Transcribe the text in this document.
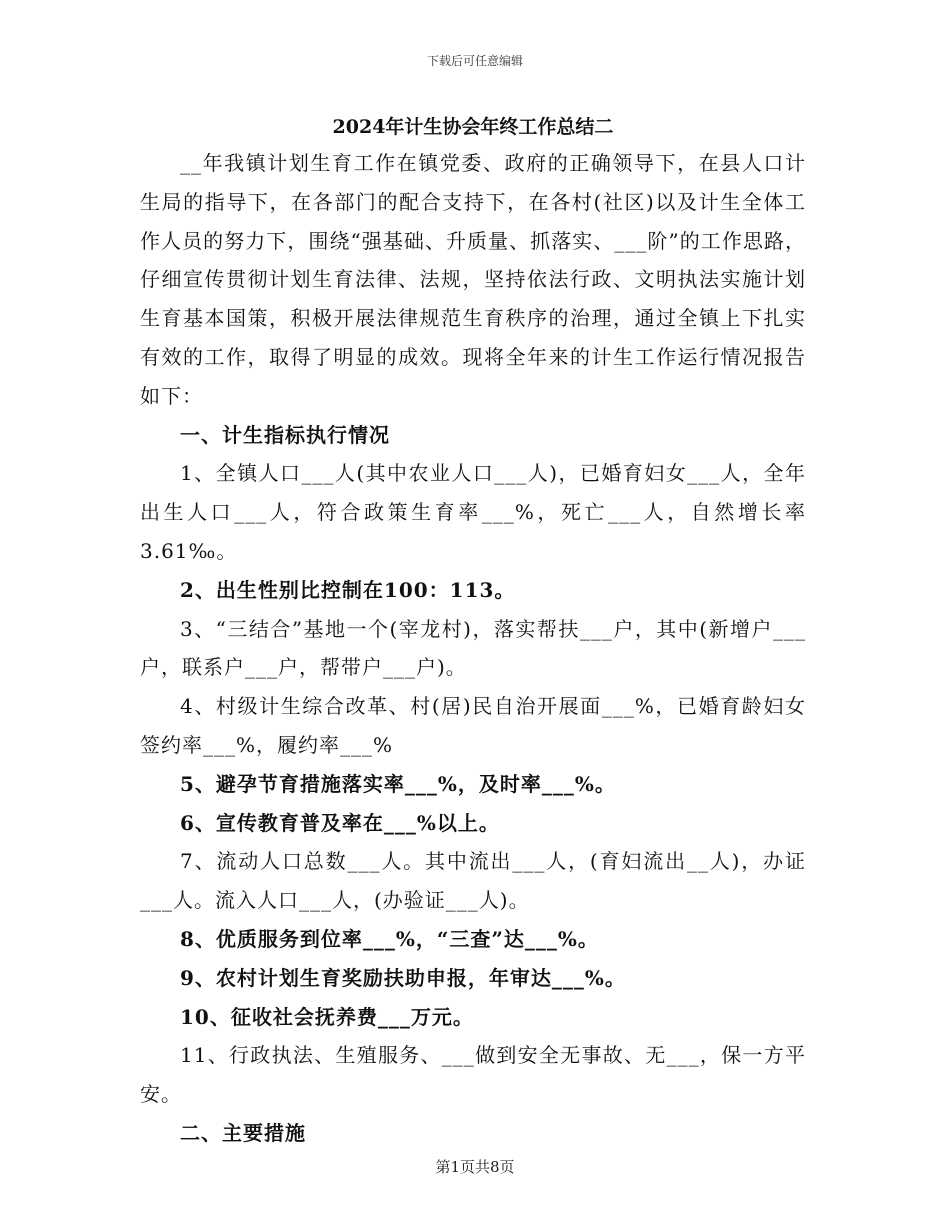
下载后可任意编辑

2024年计生协会年终工作总结二

__年我镇计划生育工作在镇党委、政府的正确领导下，在县人口计生局的指导下，在各部门的配合支持下，在各村(社区)以及计生全体工作人员的努力下，围绕“强基础、升质量、抓落实、___阶”的工作思路，仔细宣传贯彻计划生育法律、法规，坚持依法行政、文明执法实施计划生育基本国策，积极开展法律规范生育秩序的治理，通过全镇上下扎实有效的工作，取得了明显的成效。现将全年来的计生工作运行情况报告如下：

一、计生指标执行情况

1、全镇人口___人(其中农业人口___人)，已婚育妇女___人，全年出生人口___人，符合政策生育率___%，死亡___人，自然增长率3.61‰。

2、出生性别比控制在100：113。

3、“三结合”基地一个(宰龙村)，落实帮扶___户，其中(新增户___户，联系户___户，帮带户___户)。

4、村级计生综合改革、村(居)民自治开展面___%，已婚育龄妇女签约率___%，履约率___%

5、避孕节育措施落实率___%，及时率___%。

6、宣传教育普及率在___%以上。

7、流动人口总数___人。其中流出___人，(育妇流出__人)，办证___人。流入人口___人，(办验证___人)。

8、优质服务到位率___%，“三查”达___%。

9、农村计划生育奖励扶助申报，年审达___%。

10、征收社会抚养费___万元。

11、行政执法、生殖服务、___做到安全无事故、无___，保一方平安。

二、主要措施

第1页共8页
